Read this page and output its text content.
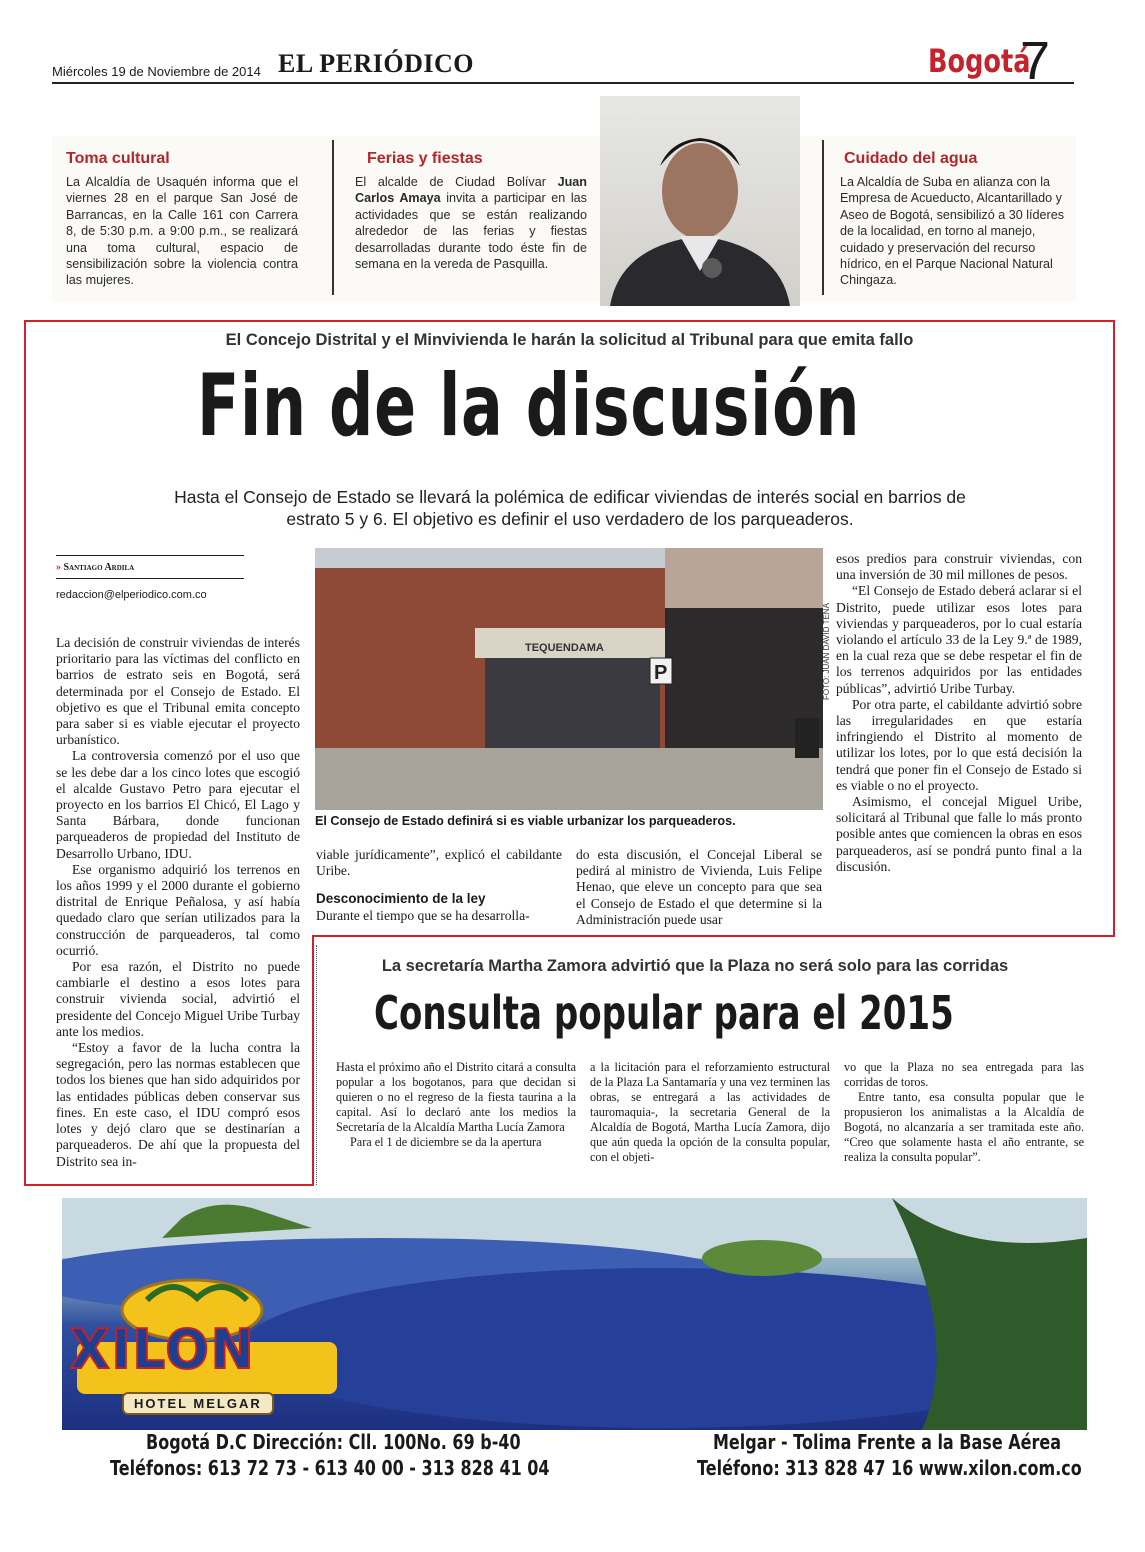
Miércoles 19 de Noviembre de 2014 EL PERIÓDICO	Bogotá
7
Toma cultural
La Alcaldía de Usaquén informa que el viernes 28 en el parque San José de Barrancas, en la Calle 161 con Carrera 8, de 5:30 p.m. a 9:00 p.m., se realizará una toma cultural, espacio de sensibilización sobre la violencia contra las mujeres.
Ferias y fiestas
El alcalde de Ciudad Bolívar Juan Carlos Amaya invita a participar en las actividades que se están realizando alrededor de las ferias y fiestas desarrolladas durante todo éste fin de semana en la vereda de Pasquilla.
Cuidado del agua
La Alcaldía de Suba en alianza con la Empresa de Acueducto, Alcantarillado y Aseo de Bogotá, sensibilizó a 30 líderes de la localidad, en torno al manejo, cuidado y preservación del recurso hídrico, en el Parque Nacional Natural Chingaza.
El Concejo Distrital y el Minvivienda le harán la solicitud al Tribunal para que emita fallo
Fin de la discusión
Hasta el Consejo de Estado se llevará la polémica de edificar viviendas de interés social en barrios de estrato 5 y 6. El objetivo es definir el uso verdadero de los parqueaderos.
» Santiago Ardila
redaccion@elperiodico.com.co

La decisión de construir viviendas de interés prioritario para las víctimas del conflicto en barrios de estrato seis en Bogotá, será determinada por el Consejo de Estado. El objetivo es que el Tribunal emita concepto para saber si es viable ejecutar el proyecto urbanístico.

La controversia comenzó por el uso que se les debe dar a los cinco lotes que escogió el alcalde Gustavo Petro para ejecutar el proyecto en los barrios El Chicó, El Lago y Santa Bárbara, donde funcionan parqueaderos de propiedad del Instituto de Desarrollo Urbano, IDU.

Ese organismo adquirió los terrenos en los años 1999 y el 2000 durante el gobierno distrital de Enrique Peñalosa, y así había quedado claro que serían utilizados para la construcción de parqueaderos, tal como ocurrió.

Por esa razón, el Distrito no puede cambiarle el destino a esos lotes para construir vivienda social, advirtió el presidente del Concejo Miguel Uribe Turbay ante los medios.

“Estoy a favor de la lucha contra la segregación, pero las normas establecen que todos los bienes que han sido adquiridos por las entidades públicas deben conservar sus fines. En este caso, el IDU compró esos lotes y dejó claro que se destinarían a parqueaderos. De ahí que la propuesta del Distrito sea in-

P
TEQUENDAMA	FOTO: JUAN DAVID TENA
El Consejo de Estado definirá si es viable urbanizar los parqueaderos.

viable jurídicamente”, explicó el cabildante Uribe.

Desconocimiento de la ley

Durante el tiempo que se ha desarrolla-

do esta discusión, el Concejal Liberal se pedirá al ministro de Vivienda, Luis Felipe Henao, que eleve un concepto para que sea el Consejo de Estado el que determine si la Administración puede usar

esos predios para construir viviendas, con una inversión de 30 mil millones de pesos.

“El Consejo de Estado deberá aclarar si el Distrito, puede utilizar esos lotes para viviendas y parqueaderos, por lo cual estaría violando el artículo 33 de la Ley 9.ª de 1989, en la cual reza que se debe respetar el fin de los terrenos adquiridos por las entidades públicas”, advirtió Uribe Turbay.

Por otra parte, el cabildante advirtió sobre las irregularidades en que estaría infringiendo el Distrito al momento de utilizar los lotes, por lo que está decisión la tendrá que poner fin el Consejo de Estado si es viable o no el proyecto.

Asimismo, el concejal Miguel Uribe, solicitará al Tribunal que falle lo más pronto posible antes que comiencen la obras en esos parqueaderos, así se pondrá punto final a la discusión.

La secretaría Martha Zamora advirtió que la Plaza no será solo para las corridas
Consulta popular para el 2015

Hasta el próximo año el Distrito citará a consulta popular a los bogotanos, para que decidan si quieren o no el regreso de la fiesta taurina a la capital. Así lo declaró ante los medios la Secretaría de la Alcaldía Martha Lucía Zamora

Para el 1 de diciembre se da la apertura

a la licitación para el reforzamiento estructural de la Plaza La Santamaría y una vez terminen las obras, se entregará a las actividades de tauromaquia-, la secretaria General de la Alcaldía de Bogotá, Martha Lucía Zamora, dijo que aún queda la opción de la consulta popular, con el objeti-

vo que la Plaza no sea entregada para las corridas de toros.

Entre tanto, esa consulta popular que le propusieron los animalistas a la Alcaldía de Bogotá, no alcanzaría a ser tramitada este año. “Creo que solamente hasta el año entrante, se realiza la consulta popular”.

XILON
HOTEL MELGAR
Bogotá D.C Dirección: Cll. 100No. 69 b-40
Teléfonos: 613 72 73 - 613 40 00 - 313 828 41 04
Melgar - Tolima Frente a la Base Aérea
Teléfono: 313 828 47 16 www.xilon.com.co
